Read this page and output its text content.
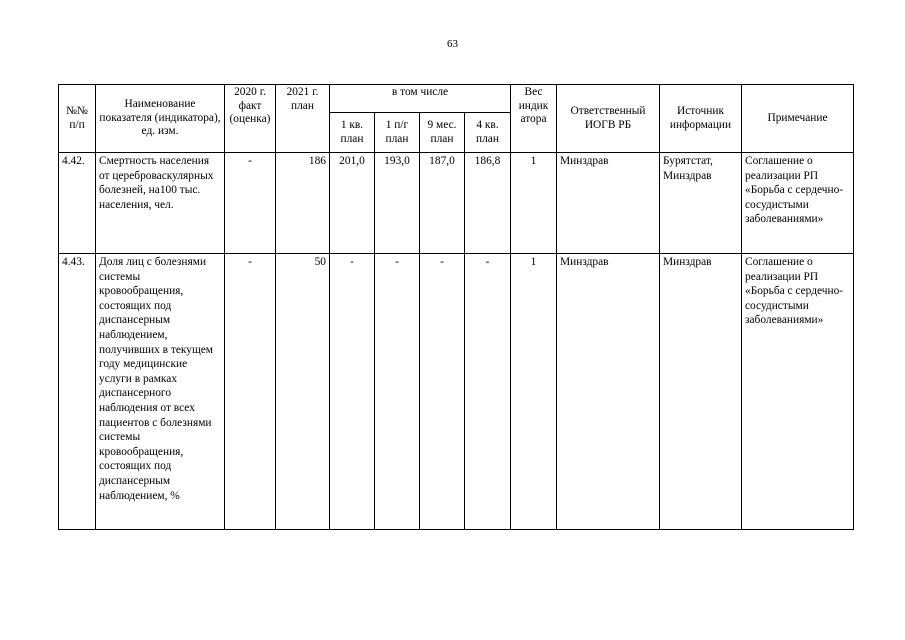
63
№№ п/п	Наименование показателя (индикатора), ед. изм.	2020 г. факт (оценка)	2021 г. план	в том числе				Вес индик атора	Ответственный ИОГВ РБ	Источник информации	Примечание
				1 кв. план	1 п/г план	9 мес. план	4 кв. план				
4.42.	Смертность населения от цереброваскулярных болезней, на100 тыс. населения, чел.	-	186	201,0	193,0	187,0	186,8	1	Минздрав	Бурятстат, Минздрав	Соглашение о реализации РП «Борьба с сердечно-сосудистыми заболеваниями»
4.43.	Доля лиц с болезнями системы кровообращения, состоящих под диспансерным наблюдением, получивших в текущем году медицинские услуги в рамках диспансерного наблюдения от всех пациентов с болезнями системы кровообращения, состоящих под диспансерным наблюдением, %	-	50	-	-	-	-	1	Минздрав	Минздрав	Соглашение о реализации РП «Борьба с сердечно-сосудистыми заболеваниями»
